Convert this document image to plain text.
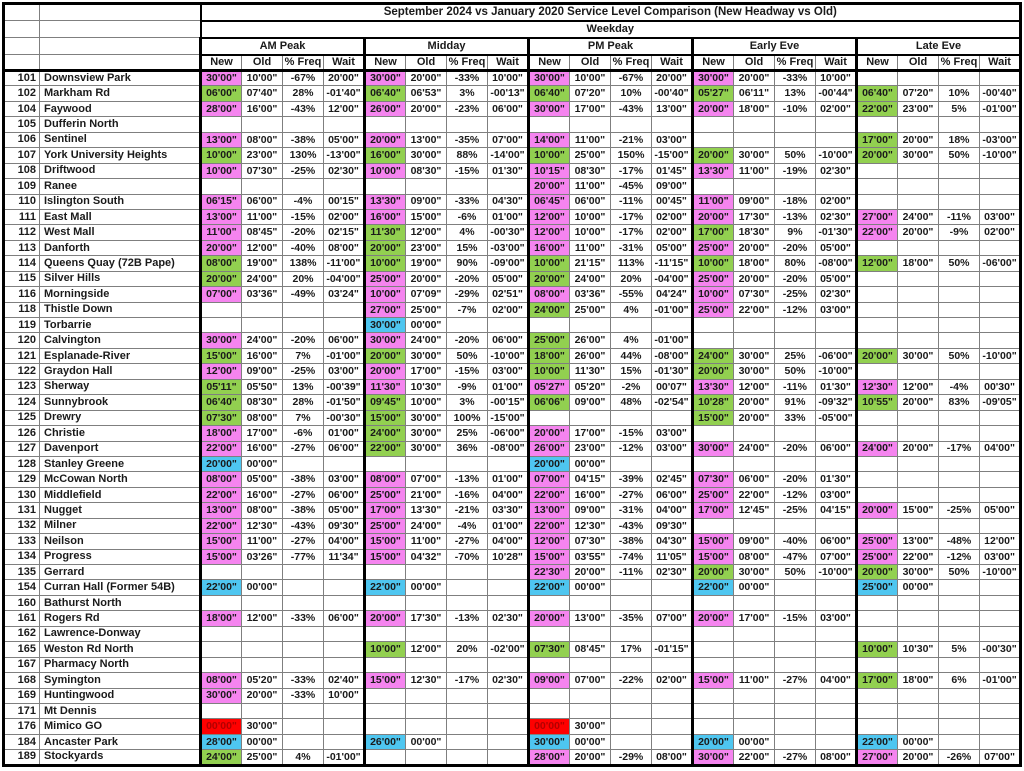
		September 2024 vs January 2020 Service Level Comparison (New Headway vs Old)																			
		Weekday																			
		AM Peak				Midday				PM Peak				Early Eve				Late Eve			
		New	Old	% Freq	Wait	New	Old	% Freq	Wait	New	Old	% Freq	Wait	New	Old	% Freq	Wait	New	Old	% Freq	Wait
101	Downsview Park	30'00"	10'00"	-67%	20'00"	30'00"	20'00"	-33%	10'00"	30'00"	10'00"	-67%	20'00"	30'00"	20'00"	-33%	10'00"				
102	Markham Rd	06'00"	07'40"	28%	-01'40"	06'40"	06'53"	3%	-00'13"	06'40"	07'20"	10%	-00'40"	05'27"	06'11"	13%	-00'44"	06'40"	07'20"	10%	-00'40"
104	Faywood	28'00"	16'00"	-43%	12'00"	26'00"	20'00"	-23%	06'00"	30'00"	17'00"	-43%	13'00"	20'00"	18'00"	-10%	02'00"	22'00"	23'00"	5%	-01'00"
105	Dufferin North																				
106	Sentinel	13'00"	08'00"	-38%	05'00"	20'00"	13'00"	-35%	07'00"	14'00"	11'00"	-21%	03'00"					17'00"	20'00"	18%	-03'00"
107	York University Heights	10'00"	23'00"	130%	-13'00"	16'00"	30'00"	88%	-14'00"	10'00"	25'00"	150%	-15'00"	20'00"	30'00"	50%	-10'00"	20'00"	30'00"	50%	-10'00"
108	Driftwood	10'00"	07'30"	-25%	02'30"	10'00"	08'30"	-15%	01'30"	10'15"	08'30"	-17%	01'45"	13'30"	11'00"	-19%	02'30"				
109	Ranee									20'00"	11'00"	-45%	09'00"								
110	Islington South	06'15"	06'00"	-4%	00'15"	13'30"	09'00"	-33%	04'30"	06'45"	06'00"	-11%	00'45"	11'00"	09'00"	-18%	02'00"				
111	East Mall	13'00"	11'00"	-15%	02'00"	16'00"	15'00"	-6%	01'00"	12'00"	10'00"	-17%	02'00"	20'00"	17'30"	-13%	02'30"	27'00"	24'00"	-11%	03'00"
112	West Mall	11'00"	08'45"	-20%	02'15"	11'30"	12'00"	4%	-00'30"	12'00"	10'00"	-17%	02'00"	17'00"	18'30"	9%	-01'30"	22'00"	20'00"	-9%	02'00"
113	Danforth	20'00"	12'00"	-40%	08'00"	20'00"	23'00"	15%	-03'00"	16'00"	11'00"	-31%	05'00"	25'00"	20'00"	-20%	05'00"				
114	Queens Quay (72B Pape)	08'00"	19'00"	138%	-11'00"	10'00"	19'00"	90%	-09'00"	10'00"	21'15"	113%	-11'15"	10'00"	18'00"	80%	-08'00"	12'00"	18'00"	50%	-06'00"
115	Silver Hills	20'00"	24'00"	20%	-04'00"	25'00"	20'00"	-20%	05'00"	20'00"	24'00"	20%	-04'00"	25'00"	20'00"	-20%	05'00"				
116	Morningside	07'00"	03'36"	-49%	03'24"	10'00"	07'09"	-29%	02'51"	08'00"	03'36"	-55%	04'24"	10'00"	07'30"	-25%	02'30"				
118	Thistle Down					27'00"	25'00"	-7%	02'00"	24'00"	25'00"	4%	-01'00"	25'00"	22'00"	-12%	03'00"				
119	Torbarrie					30'00"	00'00"														
120	Calvington	30'00"	24'00"	-20%	06'00"	30'00"	24'00"	-20%	06'00"	25'00"	26'00"	4%	-01'00"								
121	Esplanade-River	15'00"	16'00"	7%	-01'00"	20'00"	30'00"	50%	-10'00"	18'00"	26'00"	44%	-08'00"	24'00"	30'00"	25%	-06'00"	20'00"	30'00"	50%	-10'00"
122	Graydon Hall	12'00"	09'00"	-25%	03'00"	20'00"	17'00"	-15%	03'00"	10'00"	11'30"	15%	-01'30"	20'00"	30'00"	50%	-10'00"				
123	Sherway	05'11"	05'50"	13%	-00'39"	11'30"	10'30"	-9%	01'00"	05'27"	05'20"	-2%	00'07"	13'30"	12'00"	-11%	01'30"	12'30"	12'00"	-4%	00'30"
124	Sunnybrook	06'40"	08'30"	28%	-01'50"	09'45"	10'00"	3%	-00'15"	06'06"	09'00"	48%	-02'54"	10'28"	20'00"	91%	-09'32"	10'55"	20'00"	83%	-09'05"
125	Drewry	07'30"	08'00"	7%	-00'30"	15'00"	30'00"	100%	-15'00"					15'00"	20'00"	33%	-05'00"				
126	Christie	18'00"	17'00"	-6%	01'00"	24'00"	30'00"	25%	-06'00"	20'00"	17'00"	-15%	03'00"								
127	Davenport	22'00"	16'00"	-27%	06'00"	22'00"	30'00"	36%	-08'00"	26'00"	23'00"	-12%	03'00"	30'00"	24'00"	-20%	06'00"	24'00"	20'00"	-17%	04'00"
128	Stanley Greene	20'00"	00'00"							20'00"	00'00"										
129	McCowan North	08'00"	05'00"	-38%	03'00"	08'00"	07'00"	-13%	01'00"	07'00"	04'15"	-39%	02'45"	07'30"	06'00"	-20%	01'30"				
130	Middlefield	22'00"	16'00"	-27%	06'00"	25'00"	21'00"	-16%	04'00"	22'00"	16'00"	-27%	06'00"	25'00"	22'00"	-12%	03'00"				
131	Nugget	13'00"	08'00"	-38%	05'00"	17'00"	13'30"	-21%	03'30"	13'00"	09'00"	-31%	04'00"	17'00"	12'45"	-25%	04'15"	20'00"	15'00"	-25%	05'00"
132	Milner	22'00"	12'30"	-43%	09'30"	25'00"	24'00"	-4%	01'00"	22'00"	12'30"	-43%	09'30"								
133	Neilson	15'00"	11'00"	-27%	04'00"	15'00"	11'00"	-27%	04'00"	12'00"	07'30"	-38%	04'30"	15'00"	09'00"	-40%	06'00"	25'00"	13'00"	-48%	12'00"
134	Progress	15'00"	03'26"	-77%	11'34"	15'00"	04'32"	-70%	10'28"	15'00"	03'55"	-74%	11'05"	15'00"	08'00"	-47%	07'00"	25'00"	22'00"	-12%	03'00"
135	Gerrard									22'30"	20'00"	-11%	02'30"	20'00"	30'00"	50%	-10'00"	20'00"	30'00"	50%	-10'00"
154	Curran Hall (Former 54B)	22'00"	00'00"			22'00"	00'00"			22'00"	00'00"			22'00"	00'00"			25'00"	00'00"		
160	Bathurst North																				
161	Rogers Rd	18'00"	12'00"	-33%	06'00"	20'00"	17'30"	-13%	02'30"	20'00"	13'00"	-35%	07'00"	20'00"	17'00"	-15%	03'00"				
162	Lawrence-Donway																				
165	Weston Rd North					10'00"	12'00"	20%	-02'00"	07'30"	08'45"	17%	-01'15"					10'00"	10'30"	5%	-00'30"
167	Pharmacy North																				
168	Symington	08'00"	05'20"	-33%	02'40"	15'00"	12'30"	-17%	02'30"	09'00"	07'00"	-22%	02'00"	15'00"	11'00"	-27%	04'00"	17'00"	18'00"	6%	-01'00"
169	Huntingwood	30'00"	20'00"	-33%	10'00"																
171	Mt Dennis																				
176	Mimico GO	00'00"	30'00"							00'00"	30'00"										
184	Ancaster Park	28'00"	00'00"			26'00"	00'00"			30'00"	00'00"			20'00"	00'00"			22'00"	00'00"		
189	Stockyards	24'00"	25'00"	4%	-01'00"					28'00"	20'00"	-29%	08'00"	30'00"	22'00"	-27%	08'00"	27'00"	20'00"	-26%	07'00"
